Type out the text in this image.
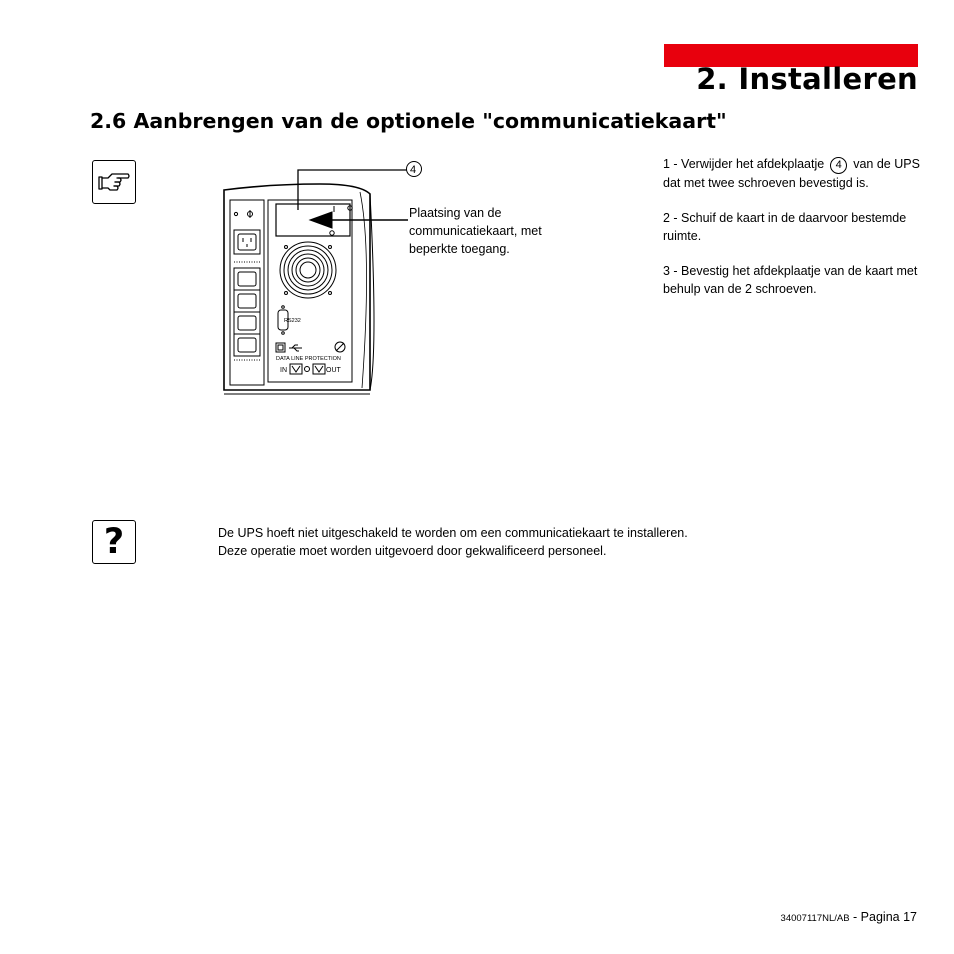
2. Installeren
2.6 Aanbrengen van de optionele "communicatiekaart"
?
RS232
DATA LINE PROTECTION
IN	OUT
4

Plaatsing van de communicatiekaart, met beperkte toegang.

1 - Verwijder het afdekplaatje 4 van de UPS dat met twee schroeven bevestigd is.

2 - Schuif de kaart in de daarvoor bestemde ruimte.

3 - Bevestig het afdekplaatje van de kaart met behulp van de 2 schroeven.

De UPS hoeft niet uitgeschakeld te worden om een communicatiekaart te installeren.
Deze operatie moet worden uitgevoerd door gekwalificeerd personeel.

34007117NL/AB - Pagina 17
